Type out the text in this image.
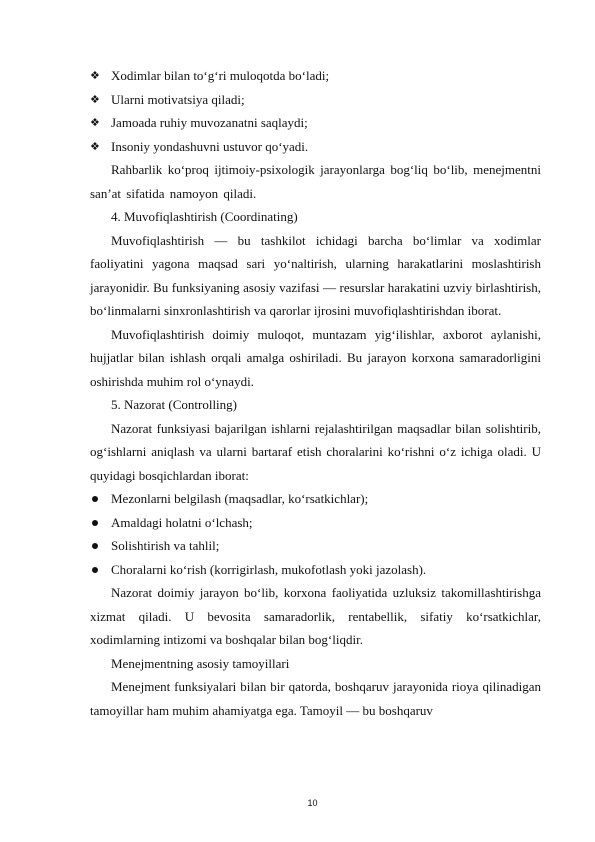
❖ Xodimlar bilan to‘g‘ri muloqotda bo‘ladi;
❖ Ularni motivatsiya qiladi;
❖ Jamoada ruhiy muvozanatni saqlaydi;
❖ Insoniy yondashuvni ustuvor qo‘yadi.

Rahbarlik ko‘proq ijtimoiy-psixologik jarayonlarga bog‘liq bo‘lib, menejmentni san’at sifatida namoyon qiladi.

4. Muvofiqlashtirish (Coordinating)

Muvofiqlashtirish — bu tashkilot ichidagi barcha bo‘limlar va xodimlar faoliyatini yagona maqsad sari yo‘naltirish, ularning harakatlarini moslashtirish jarayonidir. Bu funksiyaning asosiy vazifasi — resurslar harakatini uzviy birlashtirish, bo‘linmalarni sinxronlashtirish va qarorlar ijrosini muvofiqlashtirishdan iborat.

Muvofiqlashtirish doimiy muloqot, muntazam yig‘ilishlar, axborot aylanishi, hujjatlar bilan ishlash orqali amalga oshiriladi. Bu jarayon korxona samaradorligini oshirishda muhim rol o‘ynaydi.

5. Nazorat (Controlling)

Nazorat funksiyasi bajarilgan ishlarni rejalashtirilgan maqsadlar bilan solishtirib, og‘ishlarni aniqlash va ularni bartaraf etish choralarini ko‘rishni o‘z ichiga oladi. U quyidagi bosqichlardan iborat:

Mezonlarni belgilash (maqsadlar, ko‘rsatkichlar);
Amaldagi holatni o‘lchash;
Solishtirish va tahlil;
Choralarni ko‘rish (korrigirlash, mukofotlash yoki jazolash).

Nazorat doimiy jarayon bo‘lib, korxona faoliyatida uzluksiz takomillashtirishga xizmat qiladi. U bevosita samaradorlik, rentabellik, sifatiy ko‘rsatkichlar, xodimlarning intizomi va boshqalar bilan bog‘liqdir.

Menejmentning asosiy tamoyillari

Menejment funksiyalari bilan bir qatorda, boshqaruv jarayonida rioya qilinadigan tamoyillar ham muhim ahamiyatga ega. Tamoyil — bu boshqaruv

10
